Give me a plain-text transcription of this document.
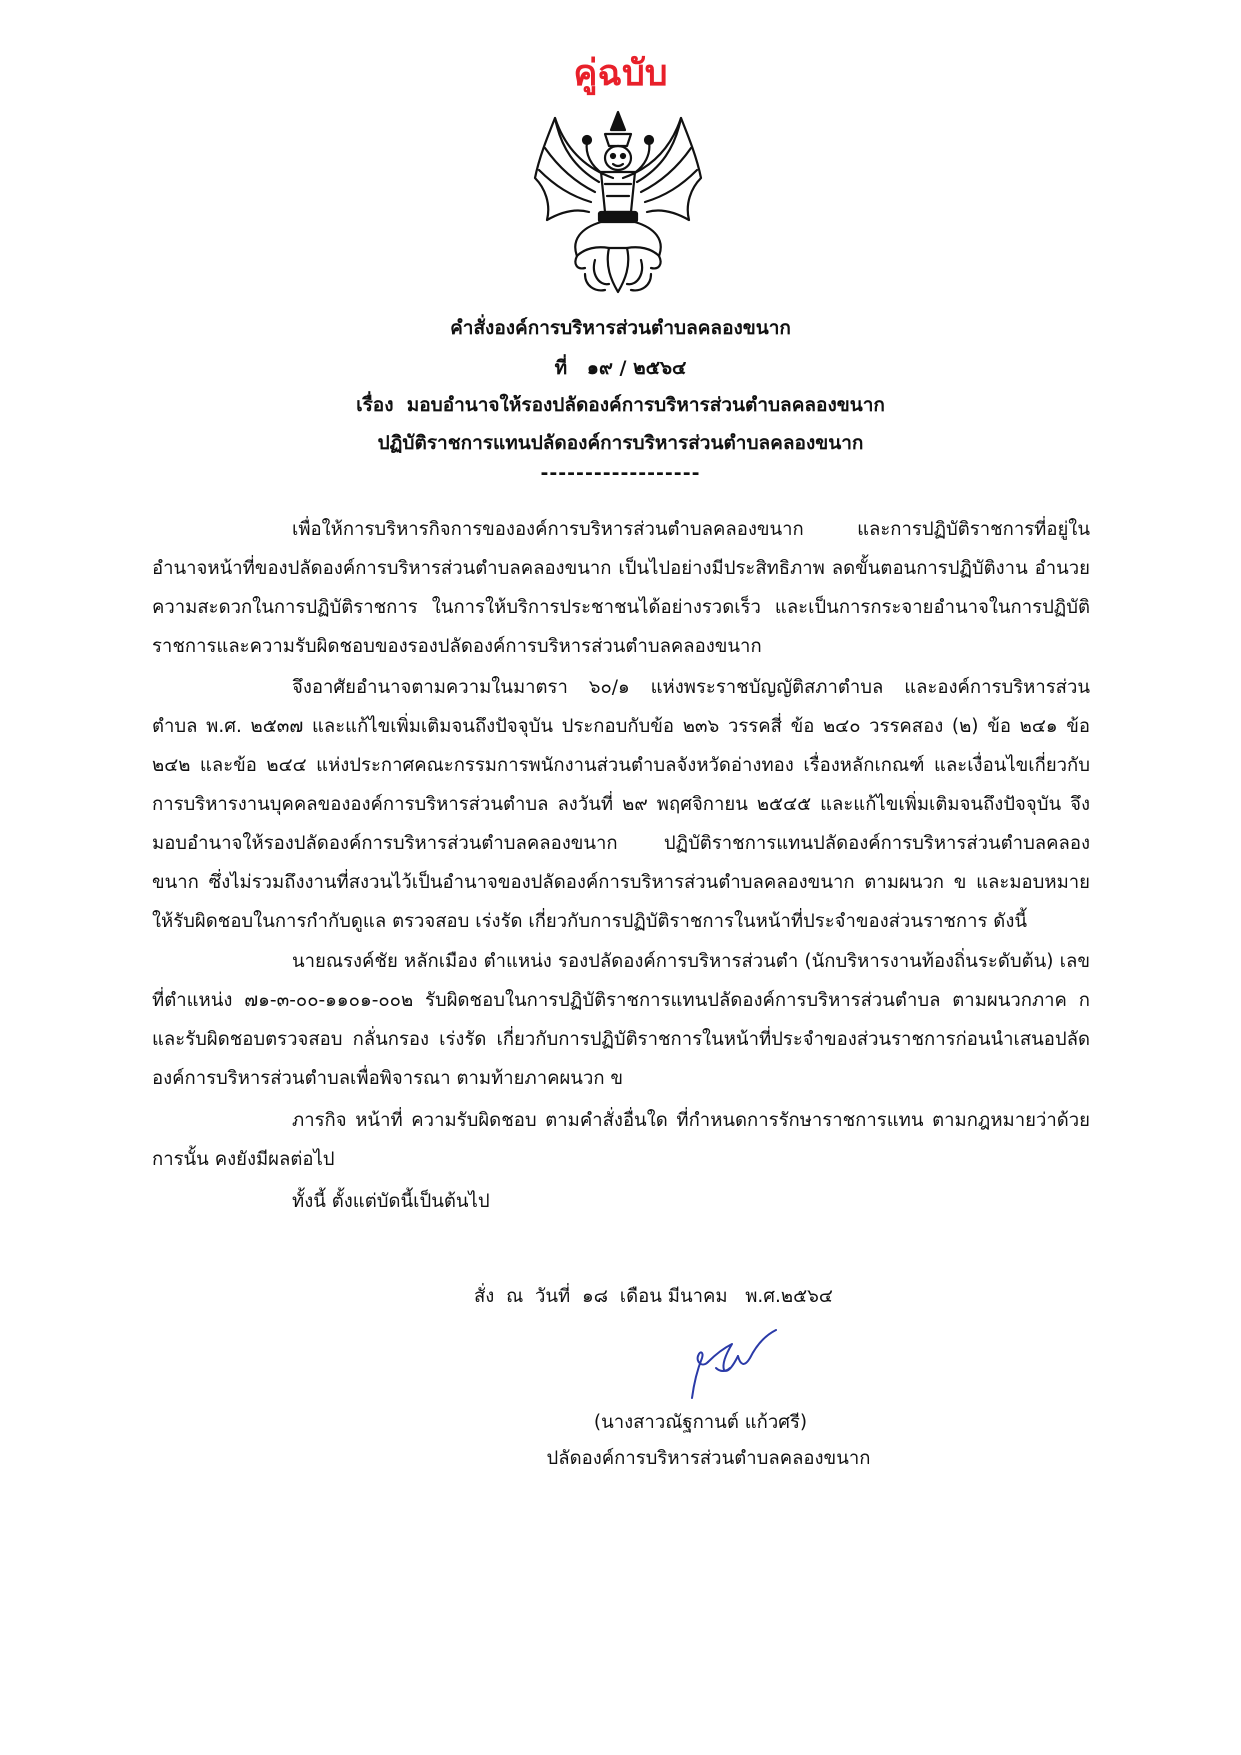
คู่ฉบับ
คำสั่งองค์การบริหารส่วนตำบลคลองขนาก
ที่   ๑๙ / ๒๕๖๔
เรื่อง  มอบอำนาจให้รองปลัดองค์การบริหารส่วนตำบลคลองขนาก
ปฏิบัติราชการแทนปลัดองค์การบริหารส่วนตำบลคลองขนาก
------------------

เพื่อให้การบริหารกิจการขององค์การบริหารส่วนตำบลคลองขนาก และการปฏิบัติราชการที่อยู่ในอำนาจหน้าที่ของปลัดองค์การบริหารส่วนตำบลคลองขนาก เป็นไปอย่างมีประสิทธิภาพ ลดขั้นตอนการปฏิบัติงาน อำนวยความสะดวกในการปฏิบัติราชการ ในการให้บริการประชาชนได้อย่างรวดเร็ว และเป็นการกระจายอำนาจในการปฏิบัติราชการและความรับผิดชอบของรองปลัดองค์การบริหารส่วนตำบลคลองขนาก

จึงอาศัยอำนาจตามความในมาตรา ๖๐/๑ แห่งพระราชบัญญัติสภาตำบล และองค์การบริหารส่วนตำบล พ.ศ. ๒๕๓๗ และแก้ไขเพิ่มเติมจนถึงปัจจุบัน ประกอบกับข้อ ๒๓๖ วรรคสี่ ข้อ ๒๔๐ วรรคสอง (๒) ข้อ ๒๔๑ ข้อ ๒๔๒ และข้อ ๒๔๔ แห่งประกาศคณะกรรมการพนักงานส่วนตำบลจังหวัดอ่างทอง เรื่องหลักเกณฑ์ และเงื่อนไขเกี่ยวกับการบริหารงานบุคคลขององค์การบริหารส่วนตำบล ลงวันที่ ๒๙ พฤศจิกายน ๒๕๔๕ และแก้ไขเพิ่มเติมจนถึงปัจจุบัน จึงมอบอำนาจให้รองปลัดองค์การบริหารส่วนตำบลคลองขนาก ปฏิบัติราชการแทนปลัดองค์การบริหารส่วนตำบลคลองขนาก ซึ่งไม่รวมถึงงานที่สงวนไว้เป็นอำนาจของปลัดองค์การบริหารส่วนตำบลคลองขนาก ตามผนวก ข และมอบหมายให้รับผิดชอบในการกำกับดูแล ตรวจสอบ เร่งรัด เกี่ยวกับการปฏิบัติราชการในหน้าที่ประจำของส่วนราชการ ดังนี้

นายณรงค์ชัย หลักเมือง ตำแหน่ง รองปลัดองค์การบริหารส่วนตำ (นักบริหารงานท้องถิ่นระดับต้น) เลขที่ตำแหน่ง ๗๑-๓-๐๐-๑๑๐๑-๐๐๒ รับผิดชอบในการปฏิบัติราชการแทนปลัดองค์การบริหารส่วนตำบล ตามผนวกภาค ก และรับผิดชอบตรวจสอบ กลั่นกรอง เร่งรัด เกี่ยวกับการปฏิบัติราชการในหน้าที่ประจำของส่วนราชการก่อนนำเสนอปลัดองค์การบริหารส่วนตำบลเพื่อพิจารณา ตามท้ายภาคผนวก ข

ภารกิจ หน้าที่ ความรับผิดชอบ ตามคำสั่งอื่นใด ที่กำหนดการรักษาราชการแทน ตามกฎหมายว่าด้วยการนั้น คงยังมีผลต่อไป

ทั้งนี้ ตั้งแต่บัดนี้เป็นต้นไป

สั่ง  ณ  วันที่  ๑๘  เดือน มีนาคม   พ.ศ.๒๕๖๔
(นางสาวณัฐกานต์ แก้วศรี)
ปลัดองค์การบริหารส่วนตำบลคลองขนาก
